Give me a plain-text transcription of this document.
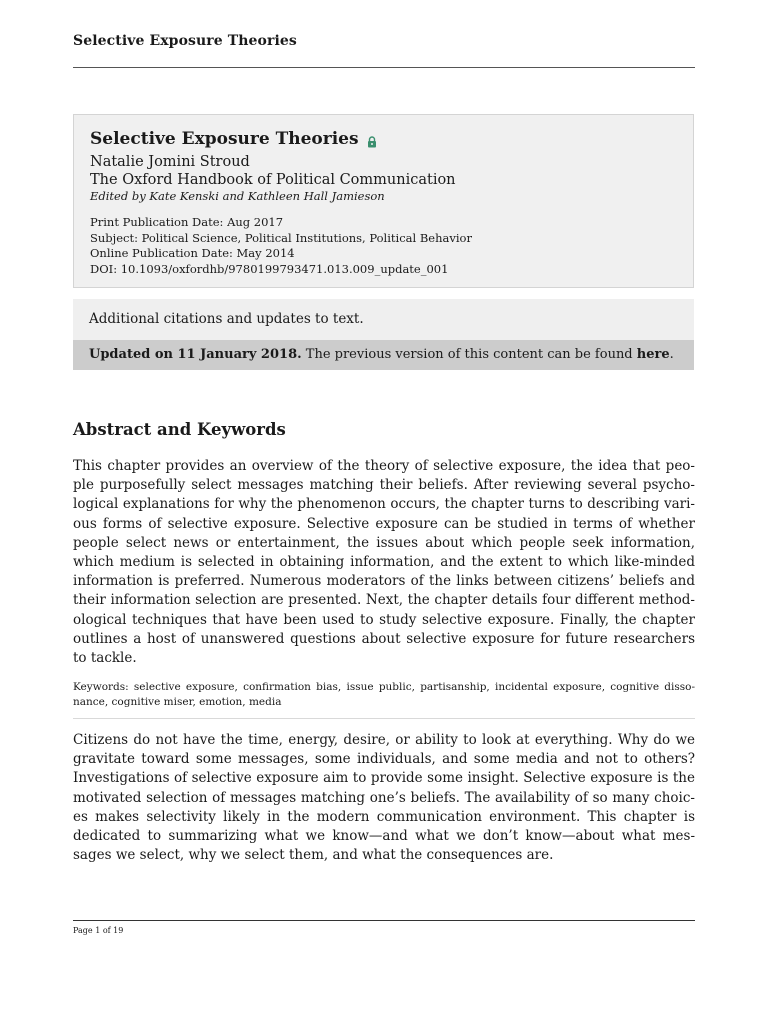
Selective Exposure Theories
Selective Exposure Theories
Natalie Jomini Stroud
The Oxford Handbook of Political Communication
Edited by Kate Kenski and Kathleen Hall Jamieson
Print Publication Date: Aug 2017
Subject: Political Science, Political Institutions, Political Behavior
Online Publication Date: May 2014
DOI: 10.1093/oxfordhb/9780199793471.013.009_update_001
Additional citations and updates to text.
Updated on 11 January 2018. The previous version of this content can be found here.
Abstract and Keywords

This chapter provides an overview of the theory of selective exposure, the idea that peo-
ple purposefully select messages matching their beliefs. After reviewing several psycho-
logical explanations for why the phenomenon occurs, the chapter turns to describing vari-
ous forms of selective exposure. Selective exposure can be studied in terms of whether
people select news or entertainment, the issues about which people seek information,
which medium is selected in obtaining information, and the extent to which like-minded
information is preferred. Numerous moderators of the links between citizens’ beliefs and
their information selection are presented. Next, the chapter details four different method-
ological techniques that have been used to study selective exposure. Finally, the chapter
outlines a host of unanswered questions about selective exposure for future researchers
to tackle.

Keywords: selective exposure, confirmation bias, issue public, partisanship, incidental exposure, cognitive disso-
nance, cognitive miser, emotion, media

Citizens do not have the time, energy, desire, or ability to look at everything. Why do we
gravitate toward some messages, some individuals, and some media and not to others?
Investigations of selective exposure aim to provide some insight. Selective exposure is the
motivated selection of messages matching one’s beliefs. The availability of so many choic-
es makes selectivity likely in the modern communication environment. This chapter is
dedicated to summarizing what we know—and what we don’t know—about what mes-
sages we select, why we select them, and what the consequences are.

Page 1 of 19
